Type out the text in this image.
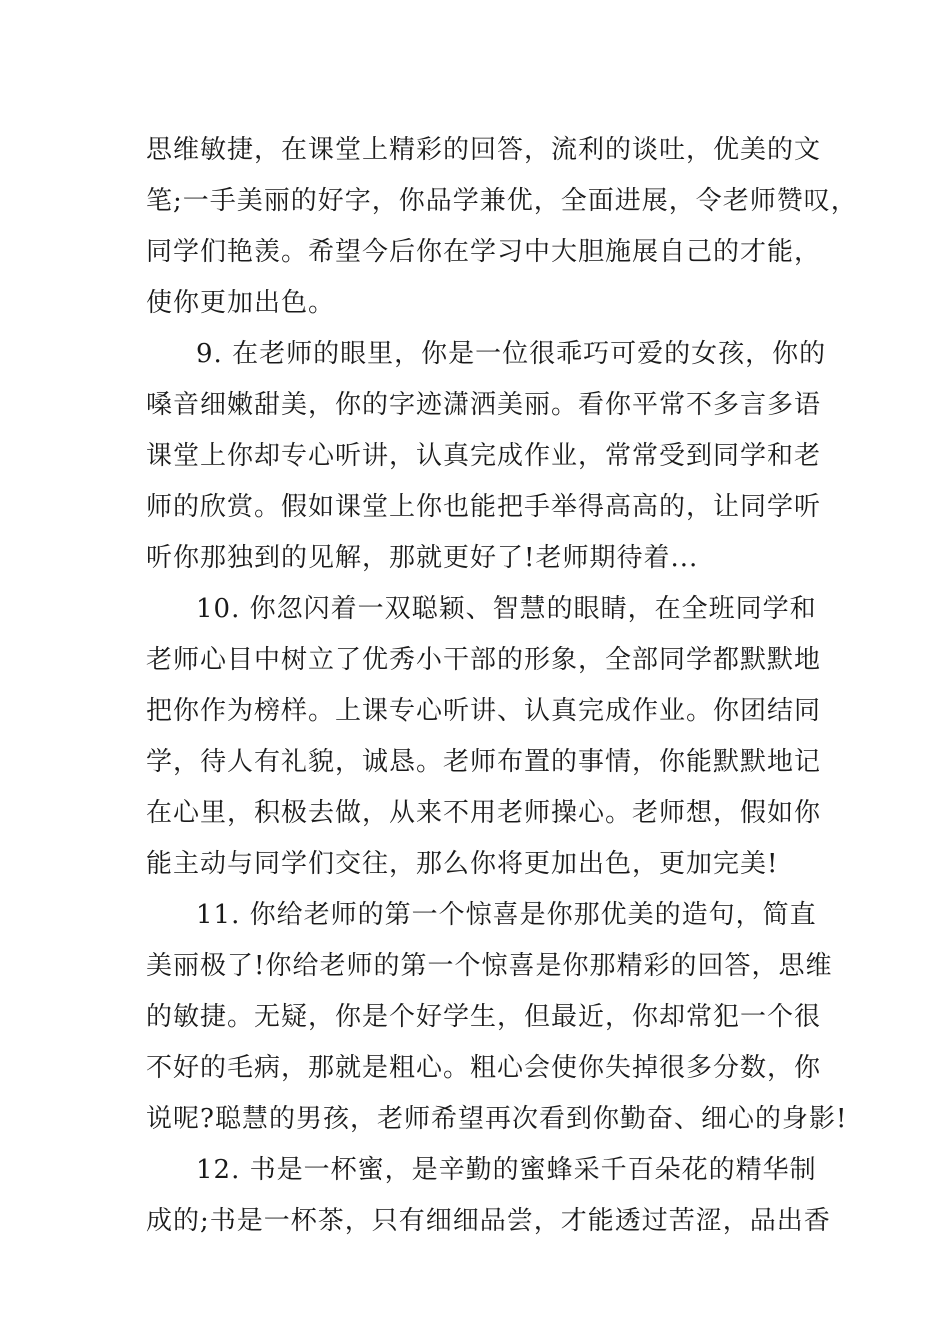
思维敏捷，在课堂上精彩的回答，流利的谈吐，优美的文
笔;一手美丽的好字，你品学兼优，全面进展，令老师赞叹，
同学们艳羡。希望今后你在学习中大胆施展自己的才能，
使你更加出色。
9. 在老师的眼里，你是一位很乖巧可爱的女孩，你的
嗓音细嫩甜美，你的字迹潇洒美丽。看你平常不多言多语
课堂上你却专心听讲，认真完成作业，常常受到同学和老
师的欣赏。假如课堂上你也能把手举得高高的，让同学听
听你那独到的见解，那就更好了!老师期待着...
10. 你忽闪着一双聪颖、智慧的眼睛，在全班同学和
老师心目中树立了优秀小干部的形象，全部同学都默默地
把你作为榜样。上课专心听讲、认真完成作业。你团结同
学，待人有礼貌，诚恳。老师布置的事情，你能默默地记
在心里，积极去做，从来不用老师操心。老师想，假如你
能主动与同学们交往，那么你将更加出色，更加完美!
11. 你给老师的第一个惊喜是你那优美的造句，简直
美丽极了!你给老师的第一个惊喜是你那精彩的回答，思维
的敏捷。无疑，你是个好学生，但最近，你却常犯一个很
不好的毛病，那就是粗心。粗心会使你失掉很多分数，你
说呢?聪慧的男孩，老师希望再次看到你勤奋、细心的身影!
12. 书是一杯蜜，是辛勤的蜜蜂采千百朵花的精华制
成的;书是一杯茶，只有细细品尝，才能透过苦涩，品出香
